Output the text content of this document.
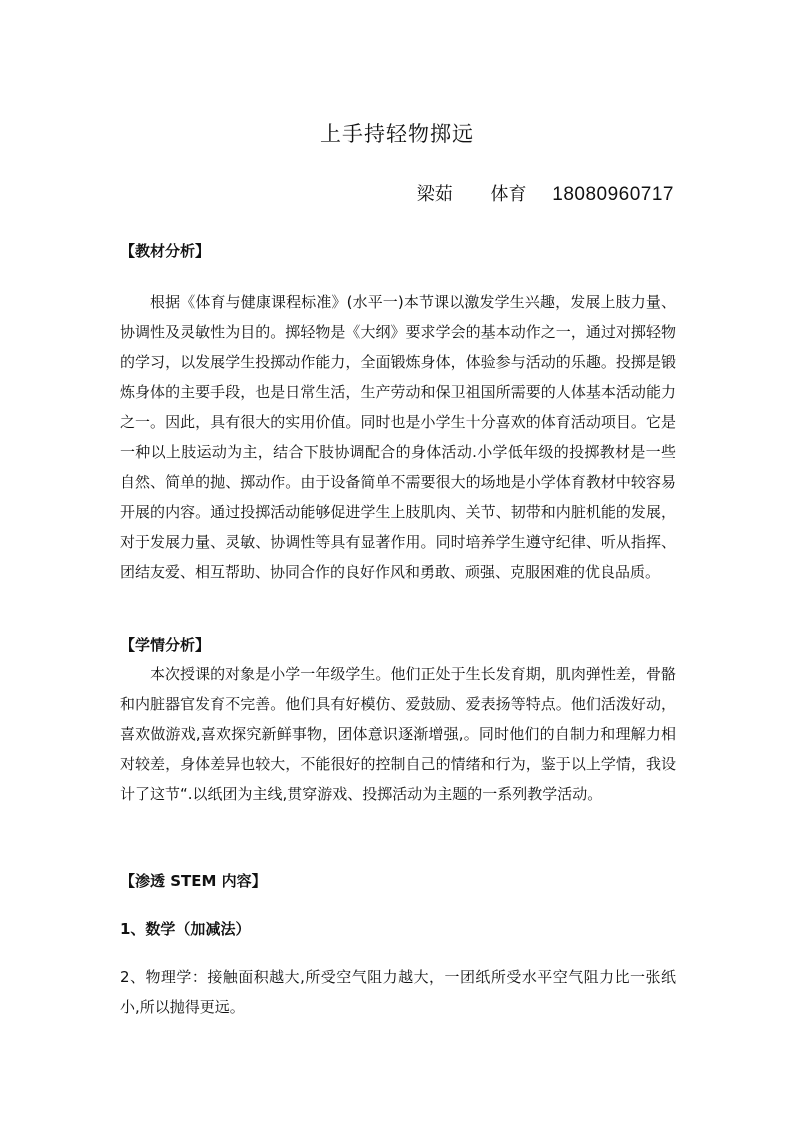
上手持轻物掷远
梁茹 体育 18080960717
【教材分析】

根据《体育与健康课程标准》(水平一)本节课以激发学生兴趣，发展上肢力量、协调性及灵敏性为目的。掷轻物是《大纲》要求学会的基本动作之一，通过对掷轻物的学习，以发展学生投掷动作能力，全面锻炼身体，体验参与活动的乐趣。投掷是锻炼身体的主要手段，也是日常生活，生产劳动和保卫祖国所需要的人体基本活动能力之一。因此，具有很大的实用价值。同时也是小学生十分喜欢的体育活动项目。它是一种以上肢运动为主，结合下肢协调配合的身体活动.小学低年级的投掷教材是一些自然、简单的抛、掷动作。由于设备简单不需要很大的场地是小学体育教材中较容易开展的内容。通过投掷活动能够促进学生上肢肌肉、关节、韧带和内脏机能的发展，对于发展力量、灵敏、协调性等具有显著作用。同时培养学生遵守纪律、听从指挥、团结友爱、相互帮助、协同合作的良好作风和勇敢、顽强、克服困难的优良品质。

【学情分析】

本次授课的对象是小学一年级学生。他们正处于生长发育期，肌肉弹性差，骨骼和内脏器官发育不完善。他们具有好模仿、爱鼓励、爱表扬等特点。他们活泼好动，喜欢做游戏,喜欢探究新鲜事物，团体意识逐渐增强,。同时他们的自制力和理解力相对较差，身体差异也较大，不能很好的控制自己的情绪和行为，鉴于以上学情，我设计了这节“.以纸团为主线,贯穿游戏、投掷活动为主题的一系列教学活动。

【渗透 STEM 内容】
1、数学（加减法）

2、物理学：接触面积越大,所受空气阻力越大，一团纸所受水平空气阻力比一张纸小,所以抛得更远。
